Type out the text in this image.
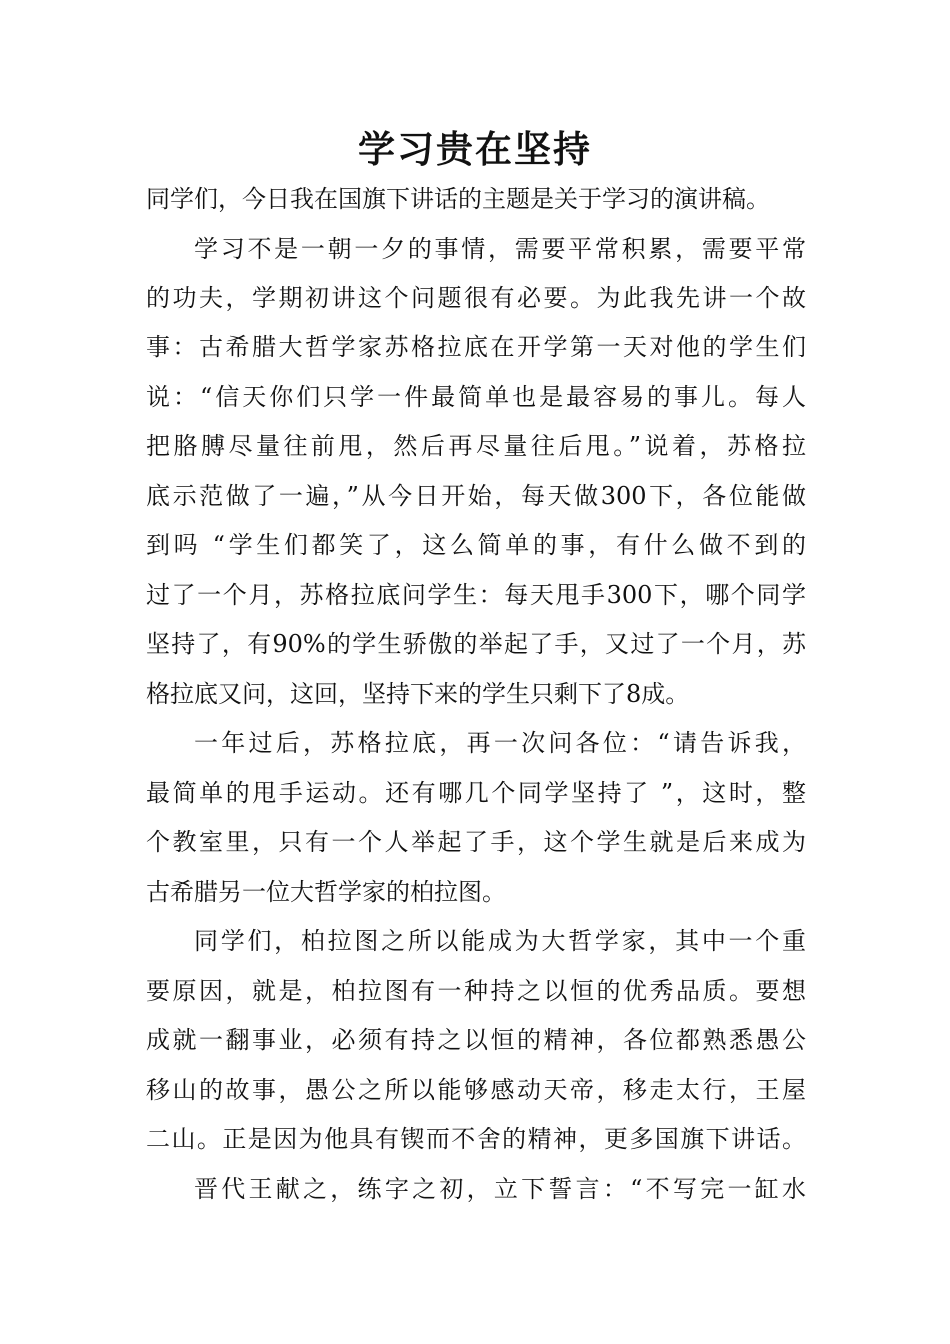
学习贵在坚持
同学们，今日我在国旗下讲话的主题是关于学习的演讲稿。
学习不是一朝一夕的事情，需要平常积累，需要平常
的功夫，学期初讲这个问题很有必要。为此我先讲一个故
事：古希腊大哲学家苏格拉底在开学第一天对他的学生们
说：“信天你们只学一件最简单也是最容易的事儿。每人
把胳膊尽量往前甩，然后再尽量往后甩。”说着，苏格拉
底示范做了一遍，”从今日开始，每天做300下，各位能做
到吗 “学生们都笑了，这么简单的事，有什么做不到的
过了一个月，苏格拉底问学生：每天甩手300下，哪个同学
坚持了，有90%的学生骄傲的举起了手，又过了一个月，苏
格拉底又问，这回，坚持下来的学生只剩下了8成。
一年过后，苏格拉底，再一次问各位：“请告诉我，
最简单的甩手运动。还有哪几个同学坚持了 ”，这时，整
个教室里，只有一个人举起了手，这个学生就是后来成为
古希腊另一位大哲学家的柏拉图。
同学们，柏拉图之所以能成为大哲学家，其中一个重
要原因，就是，柏拉图有一种持之以恒的优秀品质。要想
成就一翻事业，必须有持之以恒的精神，各位都熟悉愚公
移山的故事，愚公之所以能够感动天帝，移走太行，王屋
二山。正是因为他具有锲而不舍的精神，更多国旗下讲话。
晋代王献之，练字之初，立下誓言：“不写完一缸水
